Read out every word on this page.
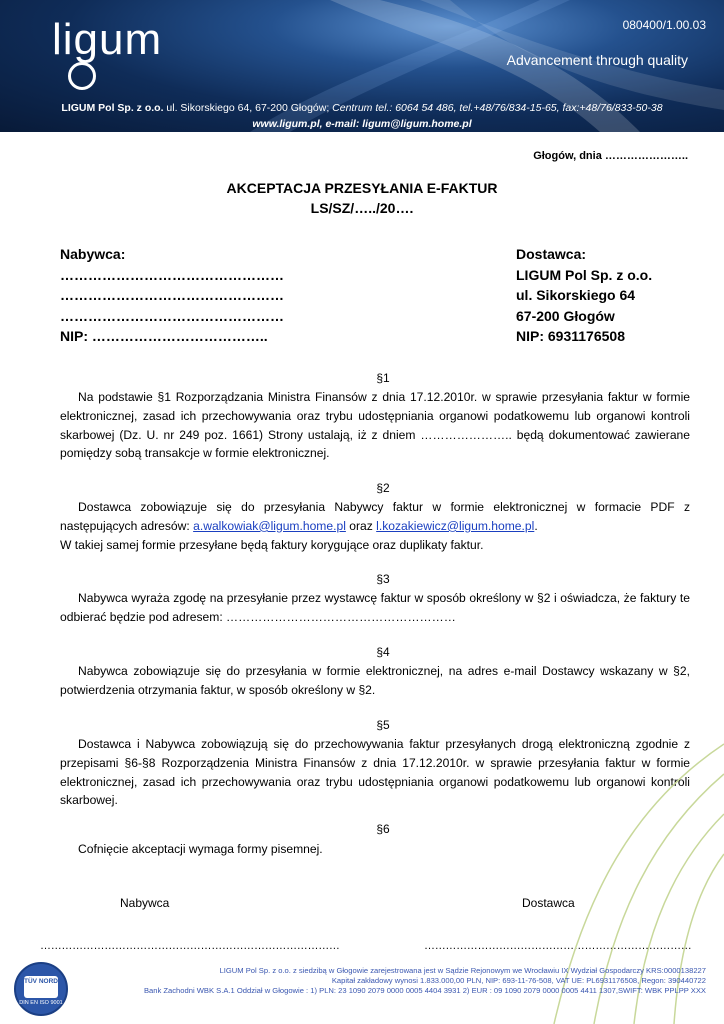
ligum	080400/1.00.03
Advancement through quality
LIGUM Pol Sp. z o.o. ul. Sikorskiego 64, 67-200 Głogów; Centrum tel.: 6064 54 486, tel.+48/76/834-15-65, fax:+48/76/833-50-38
www.ligum.pl, e-mail: ligum@ligum.home.pl
Głogów, dnia …………………..
AKCEPTACJA PRZESYŁANIA E-FAKTUR
LS/SZ/…../20….
Nabywca:
…………………………………………
…………………………………………
…………………………………………
NIP: ………………………………..
Dostawca:
LIGUM Pol Sp. z o.o.
ul. Sikorskiego 64
67-200 Głogów
NIP: 6931176508
§1
Na podstawie §1 Rozporządzania Ministra Finansów z dnia 17.12.2010r. w sprawie przesyłania faktur w formie elektronicznej, zasad ich przechowywania oraz trybu udostępniania organowi podatkowemu lub organowi kontroli skarbowej (Dz. U. nr 249 poz. 1661) Strony ustalają, iż z dniem ………………….. będą dokumentować zawierane pomiędzy sobą transakcje w formie elektronicznej.
§2
Dostawca zobowiązuje się do przesyłania Nabywcy faktur w formie elektronicznej w formacie PDF z następujących adresów: a.walkowiak@ligum.home.pl oraz l.kozakiewicz@ligum.home.pl.
W takiej samej formie przesyłane będą faktury korygujące oraz duplikaty faktur.
§3
Nabywca wyraża zgodę na przesyłanie przez wystawcę faktur w sposób określony w §2 i oświadcza, że faktury te odbierać będzie pod adresem: …………………………………………………
§4
Nabywca zobowiązuje się do przesyłania w formie elektronicznej, na adres e-mail Dostawcy wskazany w §2, potwierdzenia otrzymania faktur, w sposób określony w §2.
§5
Dostawca i Nabywca zobowiązują się do przechowywania faktur przesyłanych drogą elektroniczną zgodnie z przepisami §6-§8 Rozporządzenia Ministra Finansów z dnia 17.12.2010r. w sprawie przesyłania faktur w formie elektronicznej, zasad ich przechowywania oraz trybu udostępniania organowi podatkowemu lub organowi kontroli skarbowej.
§6
Cofnięcie akceptacji wymaga formy pisemnej.
Nabywca	Dostawca
…………………………………………………………………………	…………………………………………………………………
TÜV NORD
DIN EN ISO 9001
LIGUM Pol Sp. z o.o. z siedzibą w Głogowie zarejestrowana jest w Sądzie Rejonowym we Wrocławiu IX Wydział Gospodarczy KRS:0000138227
Kapitał zakładowy wynosi 1.833.000,00 PLN, NIP: 693-11-76-508, VAT UE: PL6931176508, Regon: 390440722
Bank Zachodni WBK S.A.1 Oddział w Głogowie : 1) PLN: 23 1090 2079 0000 0005 4404 3931 2) EUR : 09 1090 2079 0000 0005 4411 1307,SWIFT: WBK PPLPP XXX
